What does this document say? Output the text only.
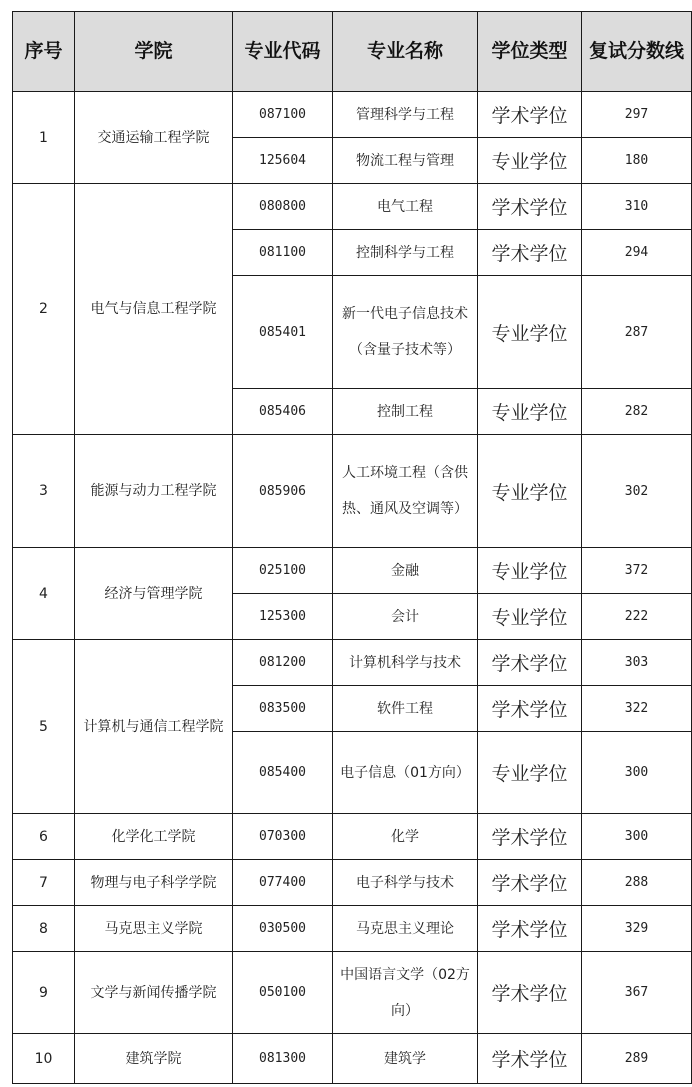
序号	学院	专业代码	专业名称	学位类型	复试分数线
1	交通运输工程学院	087100	管理科学与工程	学术学位	297
		125604	物流工程与管理	专业学位	180
2	电气与信息工程学院	080800	电气工程	学术学位	310
		081100	控制科学与工程	学术学位	294
		085401	新一代电子信息技术（含量子技术等）	专业学位	287
		085406	控制工程	专业学位	282
3	能源与动力工程学院	085906	人工环境工程（含供热、通风及空调等）	专业学位	302
4	经济与管理学院	025100	金融	专业学位	372
		125300	会计	专业学位	222
5	计算机与通信工程学院	081200	计算机科学与技术	学术学位	303
		083500	软件工程	学术学位	322
		085400	电子信息（01方向）	专业学位	300
6	化学化工学院	070300	化学	学术学位	300
7	物理与电子科学学院	077400	电子科学与技术	学术学位	288
8	马克思主义学院	030500	马克思主义理论	学术学位	329
9	文学与新闻传播学院	050100	中国语言文学（02方向）	学术学位	367
10	建筑学院	081300	建筑学	学术学位	289
